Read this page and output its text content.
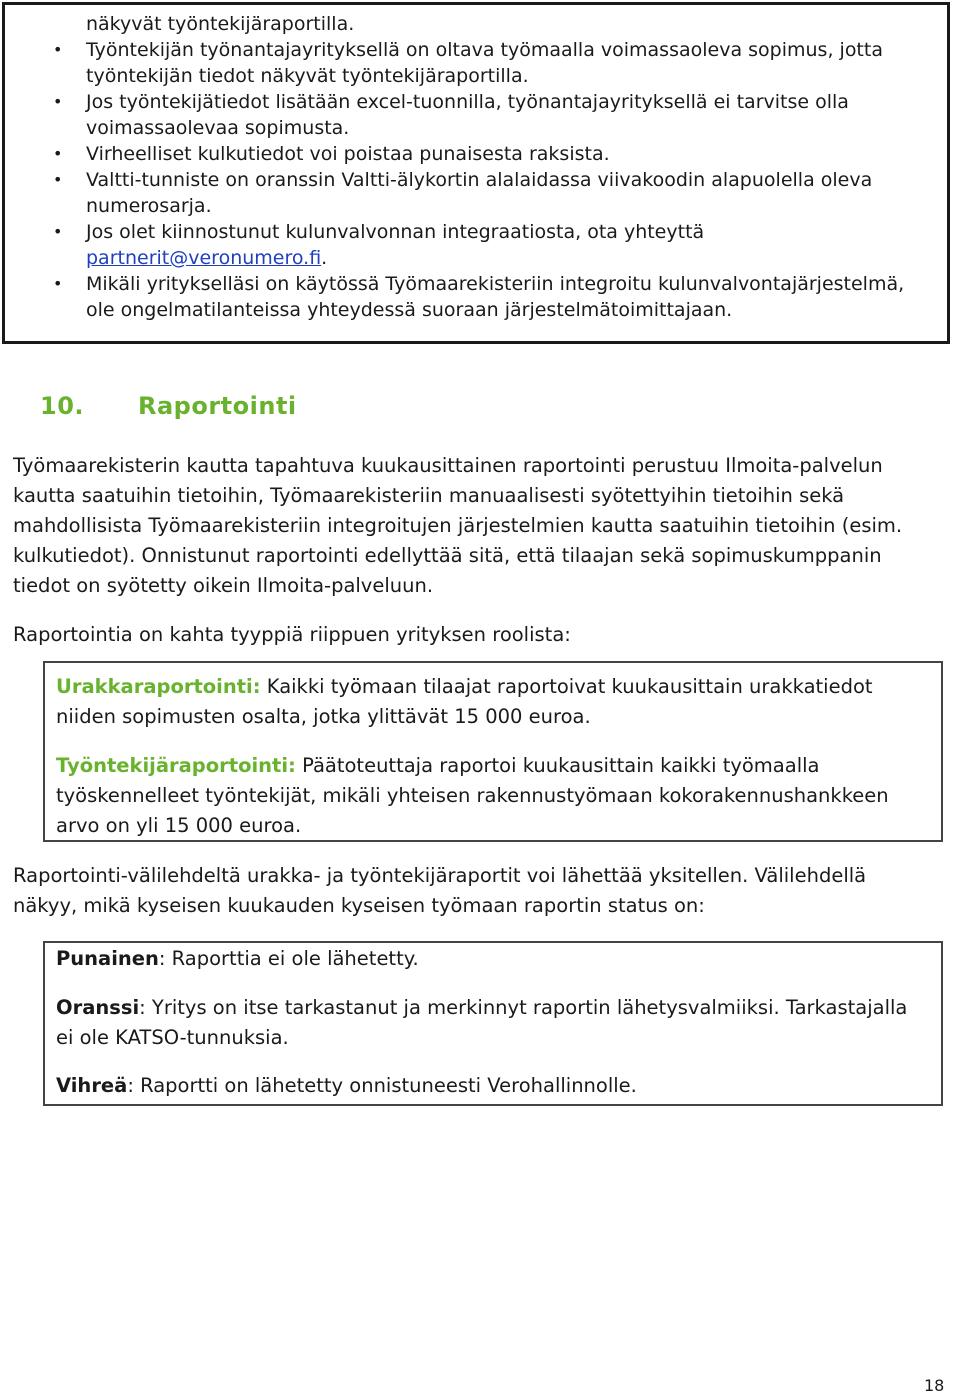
näkyvät työntekijäraportilla.
• Työntekijän työnantajayrityksellä on oltava työmaalla voimassaoleva sopimus, jotta työntekijän tiedot näkyvät työntekijäraportilla.
• Jos työntekijätiedot lisätään excel-tuonnilla, työnantajayrityksellä ei tarvitse olla voimassaolevaa sopimusta.
• Virheelliset kulkutiedot voi poistaa punaisesta raksista.
• Valtti-tunniste on oranssin Valtti-älykortin alalaidassa viivakoodin alapuolella oleva numerosarja.
• Jos olet kiinnostunut kulunvalvonnan integraatiosta, ota yhteyttä partnerit@veronumero.fi.
• Mikäli yritykselläsi on käytössä Työmaarekisteriin integroitu kulunvalvontajärjestelmä, ole ongelmatilanteissa yhteydessä suoraan järjestelmätoimittajaan.
10. Raportointi
Työmaarekisterin kautta tapahtuva kuukausittainen raportointi perustuu Ilmoita-palvelun kautta saatuihin tietoihin, Työmaarekisteriin manuaalisesti syötettyihin tietoihin sekä mahdollisista Työmaarekisteriin integroitujen järjestelmien kautta saatuihin tietoihin (esim. kulkutiedot). Onnistunut raportointi edellyttää sitä, että tilaajan sekä sopimuskumppanin tiedot on syötetty oikein Ilmoita-palveluun.
Raportointia on kahta tyyppiä riippuen yrityksen roolista:

Urakkaraportointi: Kaikki työmaan tilaajat raportoivat kuukausittain urakkatiedot niiden sopimusten osalta, jotka ylittävät 15 000 euroa.

Työntekijäraportointi: Päätoteuttaja raportoi kuukausittain kaikki työmaalla työskennelleet työntekijät, mikäli yhteisen rakennustyömaan kokorakennushankkeen arvo on yli 15 000 euroa.

Raportointi-välilehdeltä urakka- ja työntekijäraportit voi lähettää yksitellen. Välilehdellä näkyy, mikä kyseisen kuukauden kyseisen työmaan raportin status on:

Punainen: Raporttia ei ole lähetetty.

Oranssi: Yritys on itse tarkastanut ja merkinnyt raportin lähetysvalmiiksi. Tarkastajalla ei ole KATSO-tunnuksia.

Vihreä: Raportti on lähetetty onnistuneesti Verohallinnolle.

18
